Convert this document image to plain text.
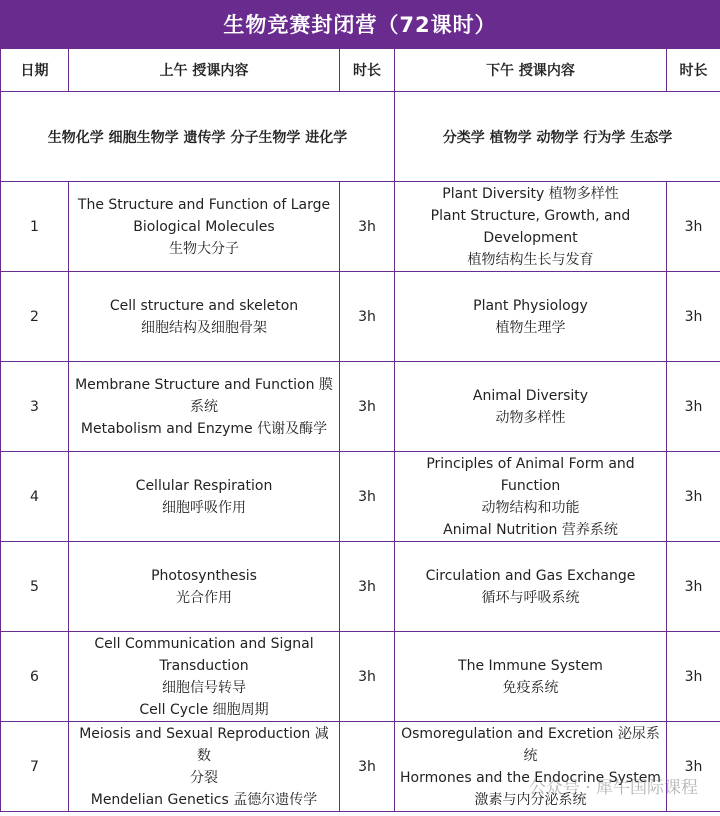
生物竞赛封闭营（72课时）
日期	上午 授课内容	时长	下午 授课内容	时长
生物化学 细胞生物学 遗传学 分子生物学 进化学			分类学 植物学 动物学 行为学 生态学	
1	The Structure and Function of Large
Biological Molecules
生物大分子	3h	Plant Diversity 植物多样性
Plant Structure, Growth, and
Development
植物结构生长与发育	3h
2	Cell structure and skeleton
细胞结构及细胞骨架	3h	Plant Physiology
植物生理学	3h
3	Membrane Structure and Function 膜
系统
Metabolism and Enzyme 代谢及酶学	3h	Animal Diversity
动物多样性	3h
4	Cellular Respiration
细胞呼吸作用	3h	Principles of Animal Form and
Function
动物结构和功能
Animal Nutrition 营养系统	3h
5	Photosynthesis
光合作用	3h	Circulation and Gas Exchange
循环与呼吸系统	3h
6	Cell Communication and Signal
Transduction
细胞信号转导
Cell Cycle 细胞周期	3h	The Immune System
免疫系统	3h
7	Meiosis and Sexual Reproduction 减数
分裂
Mendelian Genetics 孟德尔遗传学	3h	Osmoregulation and Excretion 泌尿系
统
Hormones and the Endocrine System
激素与内分泌系统	3h
公众号 · 犀牛国际课程
